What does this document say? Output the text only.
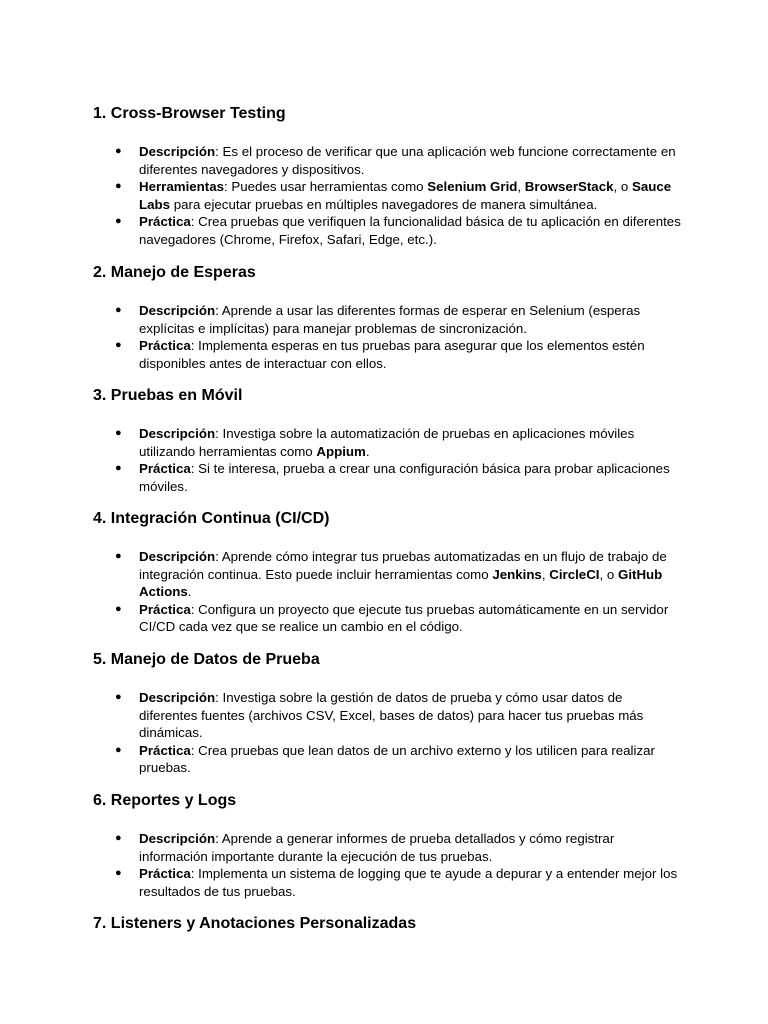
1. Cross-Browser Testing
● Descripción: Es el proceso de verificar que una aplicación web funcione correctamente en diferentes navegadores y dispositivos.
● Herramientas: Puedes usar herramientas como Selenium Grid, BrowserStack, o Sauce Labs para ejecutar pruebas en múltiples navegadores de manera simultánea.
● Práctica: Crea pruebas que verifiquen la funcionalidad básica de tu aplicación en diferentes navegadores (Chrome, Firefox, Safari, Edge, etc.).
2. Manejo de Esperas
● Descripción: Aprende a usar las diferentes formas de esperar en Selenium (esperas explícitas e implícitas) para manejar problemas de sincronización.
● Práctica: Implementa esperas en tus pruebas para asegurar que los elementos estén disponibles antes de interactuar con ellos.
3. Pruebas en Móvil
● Descripción: Investiga sobre la automatización de pruebas en aplicaciones móviles utilizando herramientas como Appium.
● Práctica: Si te interesa, prueba a crear una configuración básica para probar aplicaciones móviles.
4. Integración Continua (CI/CD)
● Descripción: Aprende cómo integrar tus pruebas automatizadas en un flujo de trabajo de integración continua. Esto puede incluir herramientas como Jenkins, CircleCI, o GitHub Actions.
● Práctica: Configura un proyecto que ejecute tus pruebas automáticamente en un servidor CI/CD cada vez que se realice un cambio en el código.
5. Manejo de Datos de Prueba
● Descripción: Investiga sobre la gestión de datos de prueba y cómo usar datos de diferentes fuentes (archivos CSV, Excel, bases de datos) para hacer tus pruebas más dinámicas.
● Práctica: Crea pruebas que lean datos de un archivo externo y los utilicen para realizar pruebas.
6. Reportes y Logs
● Descripción: Aprende a generar informes de prueba detallados y cómo registrar información importante durante la ejecución de tus pruebas.
● Práctica: Implementa un sistema de logging que te ayude a depurar y a entender mejor los resultados de tus pruebas.
7. Listeners y Anotaciones Personalizadas
